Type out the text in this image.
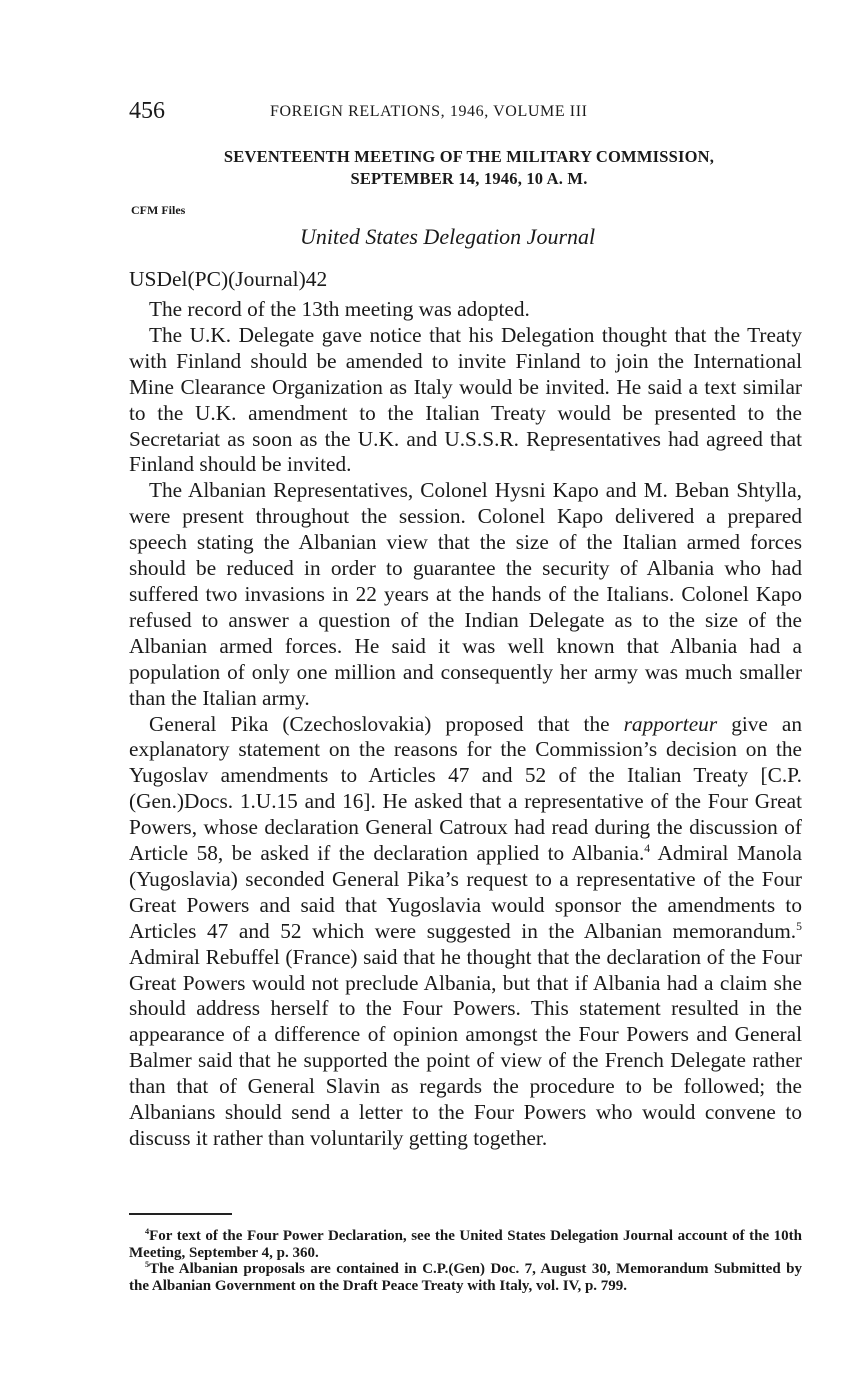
456	FOREIGN RELATIONS, 1946, VOLUME III
SEVENTEENTH MEETING OF THE MILITARY COMMISSION,
SEPTEMBER 14, 1946, 10 A. M.
CFM Files
United States Delegation Journal
USDel(PC)(Journal)42

The record of the 13th meeting was adopted.

The U.K. Delegate gave notice that his Delegation thought that the Treaty with Finland should be amended to invite Finland to join the International Mine Clearance Organization as Italy would be invited. He said a text similar to the U.K. amendment to the Italian Treaty would be presented to the Secretariat as soon as the U.K. and U.S.S.R. Representatives had agreed that Finland should be invited.

The Albanian Representatives, Colonel Hysni Kapo and M. Beban Shtylla, were present throughout the session. Colonel Kapo delivered a prepared speech stating the Albanian view that the size of the Italian armed forces should be reduced in order to guarantee the security of Albania who had suffered two invasions in 22 years at the hands of the Italians. Colonel Kapo refused to answer a question of the Indian Delegate as to the size of the Albanian armed forces. He said it was well known that Albania had a population of only one million and consequently her army was much smaller than the Italian army.

General Pika (Czechoslovakia) proposed that the rapporteur give an explanatory statement on the reasons for the Commission’s decision on the Yugoslav amendments to Articles 47 and 52 of the Italian Treaty [C.P.(Gen.)Docs. 1.U.15 and 16]. He asked that a representative of the Four Great Powers, whose declaration General Catroux had read during the discussion of Article 58, be asked if the declaration applied to Albania.$^4$ Admiral Manola (Yugoslavia) seconded General Pika’s request to a representative of the Four Great Powers and said that Yugoslavia would sponsor the amendments to Articles 47 and 52 which were suggested in the Albanian memorandum.$^5$ Admiral Rebuffel (France) said that he thought that the declaration of the Four Great Powers would not preclude Albania, but that if Albania had a claim she should address herself to the Four Powers. This statement resulted in the appearance of a difference of opinion amongst the Four Powers and General Balmer said that he supported the point of view of the French Delegate rather than that of General Slavin as regards the procedure to be followed; the Albanians should send a letter to the Four Powers who would convene to discuss it rather than voluntarily getting together.

$^4$For text of the Four Power Declaration, see the United States Delegation Journal account of the 10th Meeting, September 4, p. 360.

$^5$The Albanian proposals are contained in C.P.(Gen) Doc. 7, August 30, Memorandum Submitted by the Albanian Government on the Draft Peace Treaty with Italy, vol. IV, p. 799.
